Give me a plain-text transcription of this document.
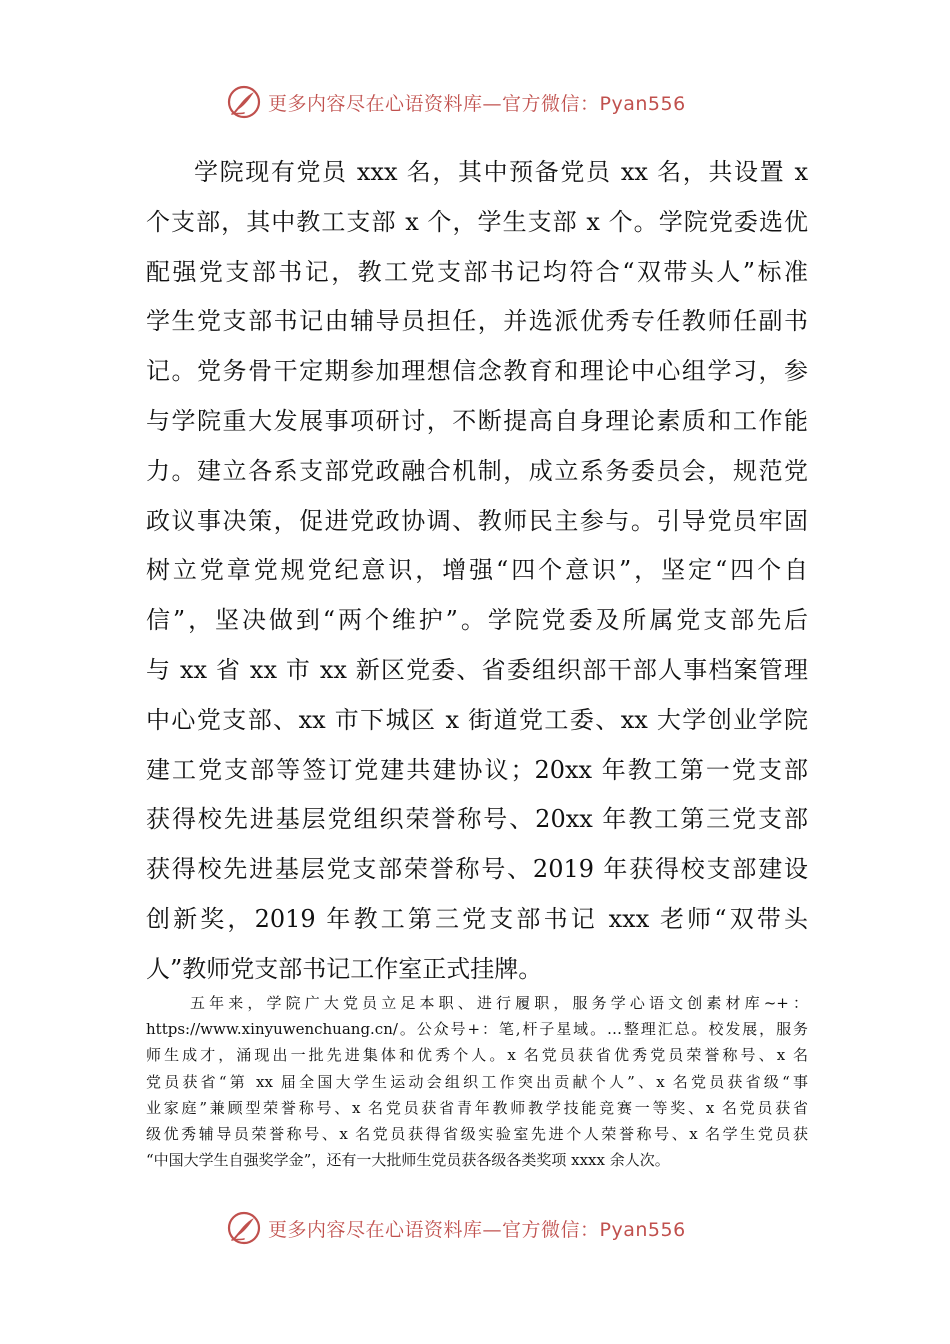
更多内容尽在心语资料库—官方微信：Pyan556
学院现有党员 xxx 名，其中预备党员 xx 名，共设置 x
个支部，其中教工支部 x 个，学生支部 x 个。学院党委选优
配强党支部书记，教工党支部书记均符合“双带头人”标准
学生党支部书记由辅导员担任，并选派优秀专任教师任副书
记。党务骨干定期参加理想信念教育和理论中心组学习，参
与学院重大发展事项研讨，不断提高自身理论素质和工作能
力。建立各系支部党政融合机制，成立系务委员会，规范党
政议事决策，促进党政协调、教师民主参与。引导党员牢固
树立党章党规党纪意识，增强“四个意识”，坚定“四个自
信”，坚决做到“两个维护”。学院党委及所属党支部先后
与 xx 省 xx 市 xx 新区党委、省委组织部干部人事档案管理
中心党支部、xx 市下城区 x 街道党工委、xx 大学创业学院
建工党支部等签订党建共建协议；20xx 年教工第一党支部
获得校先进基层党组织荣誉称号、20xx 年教工第三党支部
获得校先进基层党支部荣誉称号、2019 年获得校支部建设
创新奖，2019 年教工第三党支部书记 xxx 老师“双带头
人”教师党支部书记工作室正式挂牌。
五年来，学院广大党员立足本职、进行履职，服务学心语文创素材库~+：
https://www.xinyuwenchuang.cn/。公众号+：笔,杆子星域。…整理汇总。校发展，服务
师生成才，涌现出一批先进集体和优秀个人。x 名党员获省优秀党员荣誉称号、x 名
党员获省“第 xx 届全国大学生运动会组织工作突出贡献个人”、x 名党员获省级“事
业家庭”兼顾型荣誉称号、x 名党员获省青年教师教学技能竞赛一等奖、x 名党员获省
级优秀辅导员荣誉称号、x 名党员获得省级实验室先进个人荣誉称号、x 名学生党员获
“中国大学生自强奖学金”，还有一大批师生党员获各级各类奖项 xxxx 余人次。
更多内容尽在心语资料库—官方微信：Pyan556
